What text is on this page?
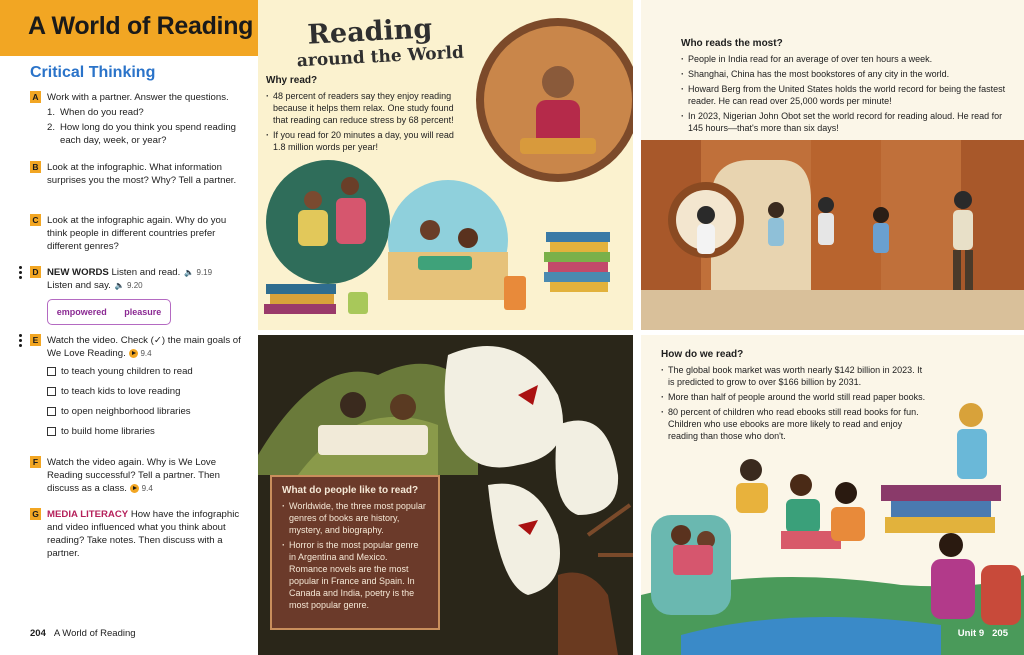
A World of Reading
Critical Thinking
A Work with a partner. Answer the questions.
1. When do you read?
2. How long do you think you spend reading each day, week, or year?
B Look at the infographic. What information surprises you the most? Why? Tell a partner.
C Look at the infographic again. Why do you think people in different countries prefer different genres?
D NEW WORDS Listen and read. 🔈 9.19
Listen and say. 🔈 9.20
empowered pleasure
E Watch the video. Check (✓) the main goals of We Love Reading. 9.4
to teach young children to read
to teach kids to love reading
to open neighborhood libraries
to build home libraries
F Watch the video again. Why is We Love Reading successful? Tell a partner. Then discuss as a class. 9.4
G MEDIA LITERACY How have the infographic and video influenced what you think about reading? Take notes. Then discuss with a partner.
204 A World of Reading
Reading
around the World
Why read?
· 48 percent of readers say they enjoy reading because it helps them relax. One study found that reading can reduce stress by 68 percent!
· If you read for 20 minutes a day, you will read 1.8 million words per year!
Who reads the most?
· People in India read for an average of over ten hours a week.
· Shanghai, China has the most bookstores of any city in the world.
· Howard Berg from the United States holds the world record for being the fastest reader. He can read over 25,000 words per minute!
· In 2023, Nigerian John Obot set the world record for reading aloud. He read for 145 hours—that's more than six days!
What do people like to read?
· Worldwide, the three most popular genres of books are history, mystery, and biography.
· Horror is the most popular genre in Argentina and Mexico. Romance novels are the most popular in France and Spain. In Canada and India, poetry is the most popular genre.
How do we read?
· The global book market was worth nearly $142 billion in 2023. It is predicted to grow to over $166 billion by 2031.
· More than half of people around the world still read paper books.
· 80 percent of children who read ebooks still read books for fun. Children who use ebooks are more likely to read and enjoy reading than those who don't.
Unit 9 205
